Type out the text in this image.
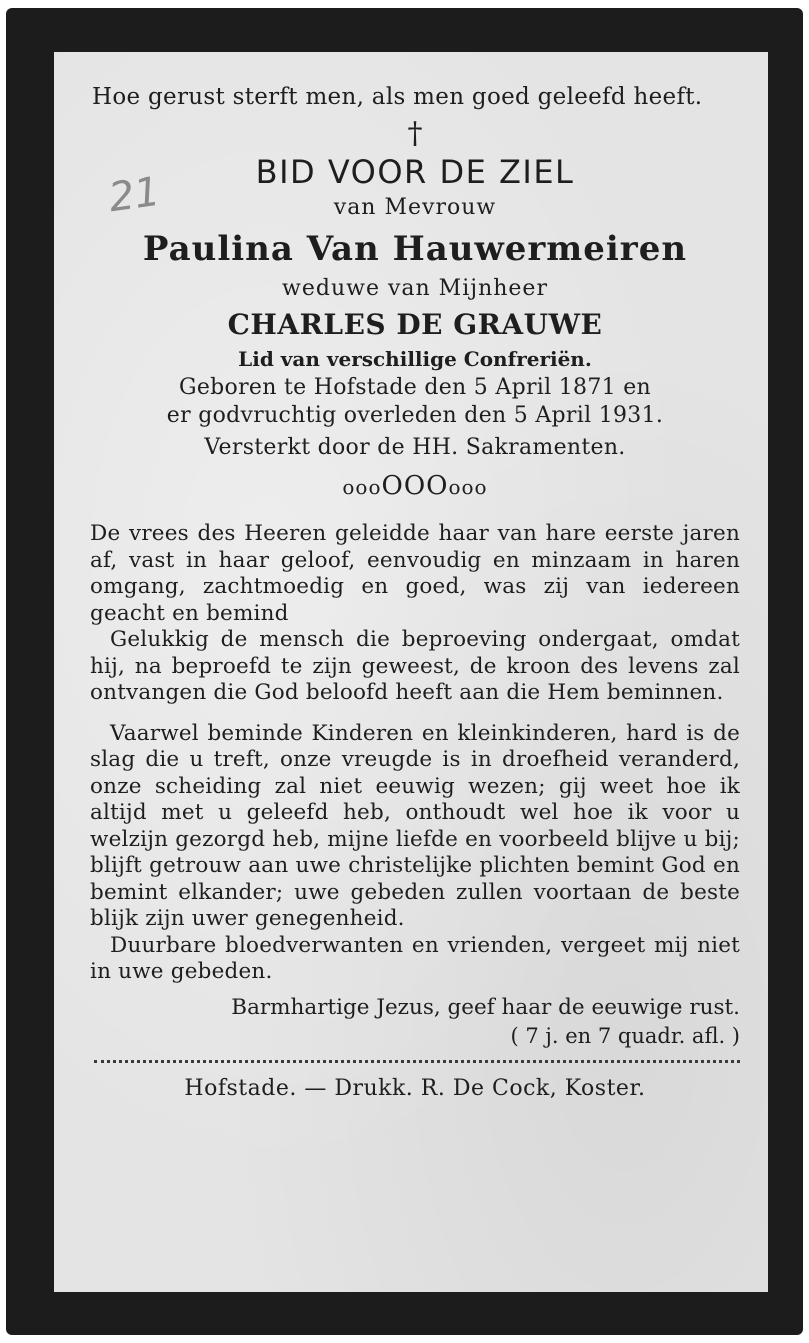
21
Hoe gerust sterft men, als men goed geleefd heeft.
†
BID VOOR DE ZIEL
van Mevrouw
Paulina Van Hauwermeiren
weduwe van Mijnheer
CHARLES DE GRAUWE
Lid van verschillige Confreriën.
Geboren te Hofstade den 5 April 1871 en
er godvruchtig overleden den 5 April 1931.
Versterkt door de HH. Sakramenten.
oooOOOooo
De vrees des Heeren geleidde haar van hare eerste jaren af, vast in haar geloof, eenvoudig en minzaam in haren omgang, zachtmoedig en goed, was zij van iedereen geacht en bemind
Gelukkig de mensch die beproeving ondergaat, omdat hij, na beproefd te zijn geweest, de kroon des levens zal ontvangen die God beloofd heeft aan die Hem beminnen.
Vaarwel beminde Kinderen en kleinkinderen, hard is de slag die u treft, onze vreugde is in droefheid veranderd, onze scheiding zal niet eeuwig wezen; gij weet hoe ik altijd met u geleefd heb, onthoudt wel hoe ik voor u welzijn gezorgd heb, mijne liefde en voorbeeld blijve u bij; blijft getrouw aan uwe christelijke plichten bemint God en bemint elkander; uwe gebeden zullen voortaan de beste blijk zijn uwer genegenheid.
Duurbare bloedverwanten en vrienden, vergeet mij niet in uwe gebeden.
Barmhartige Jezus, geef haar de eeuwige rust.
( 7 j. en 7 quadr. afl. )
Hofstade. — Drukk. R. De Cock, Koster.
